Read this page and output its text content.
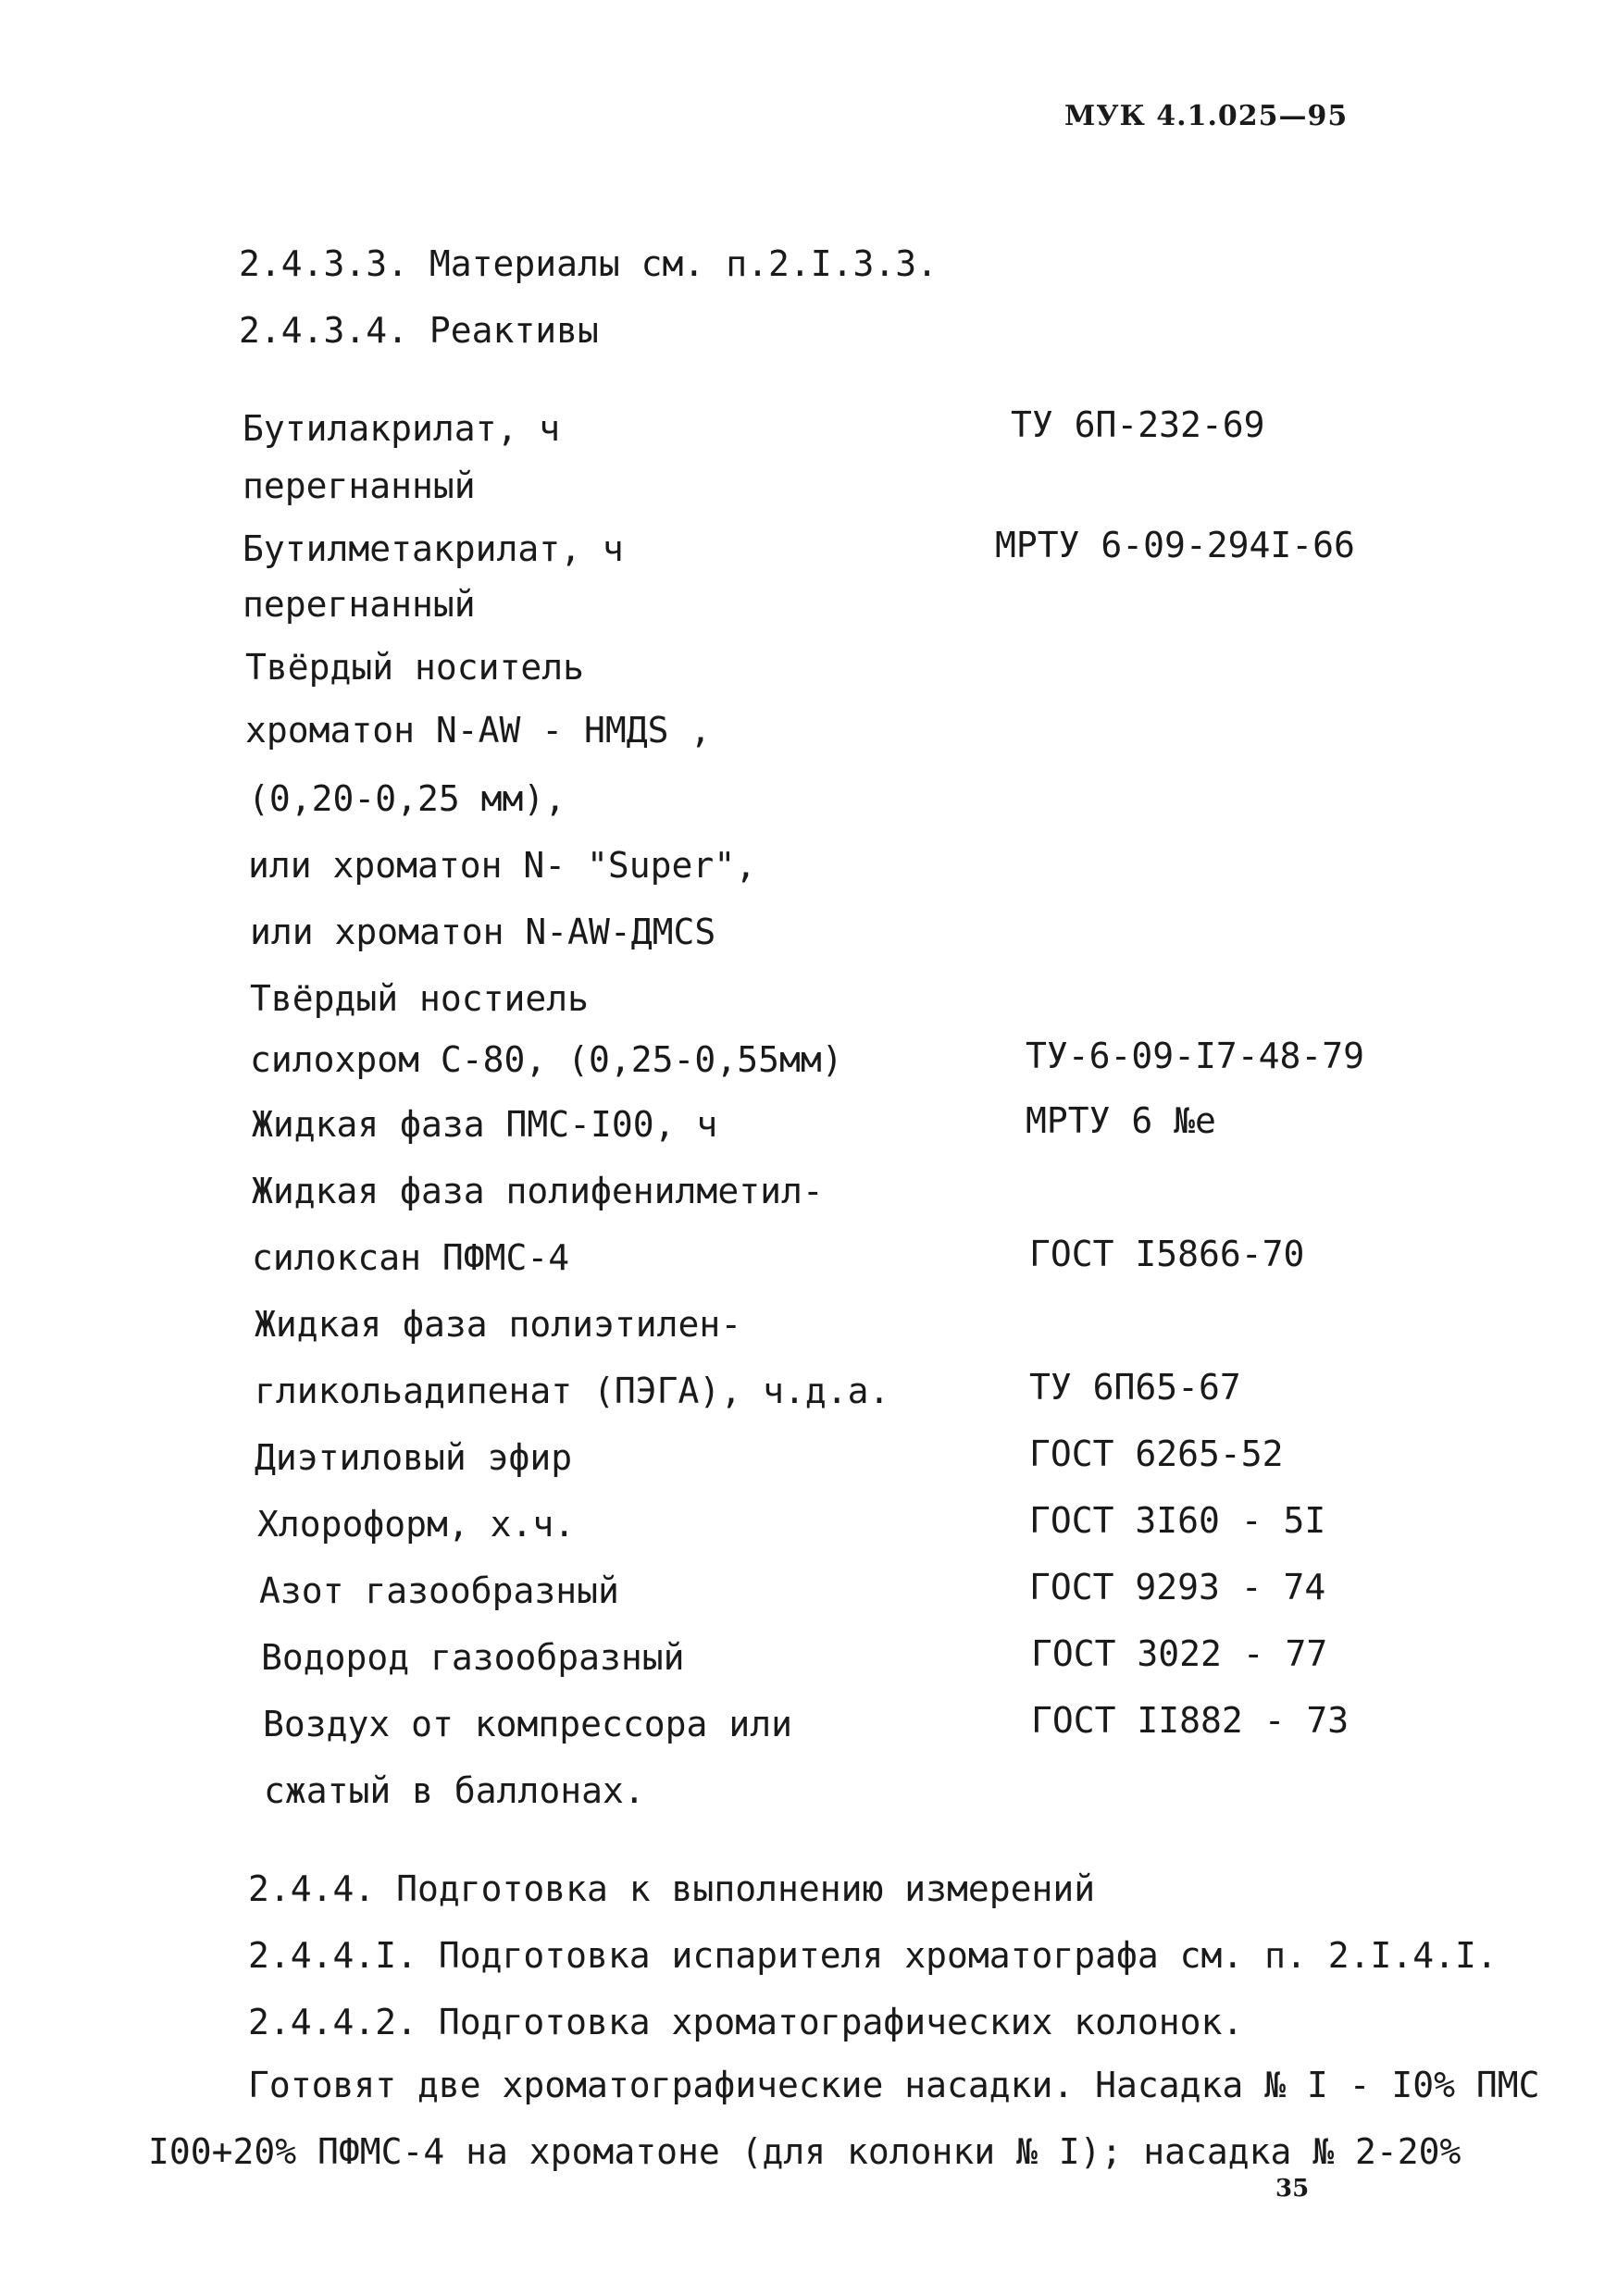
МУК 4.1.025—95
2.4.3.3. Материалы см. п.2.I.3.3.
2.4.3.4. Реактивы
Бутилакрилат, ч	ТУ 6П-232-69
перегнанный
Бутилметакрилат, ч	МРТУ 6-09-294I-66
перегнанный
Твёрдый носитель
хроматон N-AW - НМДS ,
(0,20-0,25 мм),
или хроматон N- "Super",
или хроматон N-AW-ДМСS
Твёрдый ностиель
силохром С-80, (0,25-0,55мм)	ТУ-6-09-I7-48-79
Жидкая фаза ПМС-I00, ч	МРТУ 6 №е
Жидкая фаза полифенилметил-
силоксан ПФМС-4	ГОСТ I5866-70
Жидкая фаза полиэтилен-
гликольадипенат (ПЭГА), ч.д.а.	ТУ 6П65-67
Диэтиловый эфир	ГОСТ 6265-52
Хлороформ, х.ч.	ГОСТ 3I60 - 5I
Азот газообразный	ГОСТ 9293 - 74
Водород газообразный	ГОСТ 3022 - 77
Воздух от компрессора или	ГОСТ II882 - 73
сжатый в баллонах.
2.4.4. Подготовка к выполнению измерений
2.4.4.I. Подготовка испарителя хроматографа см. п. 2.I.4.I.
2.4.4.2. Подготовка хроматографических колонок.
Готовят две хроматографические насадки. Насадка № I - I0% ПМС
I00+20% ПФМС-4 на хроматоне (для колонки № I); насадка № 2-20%
35
